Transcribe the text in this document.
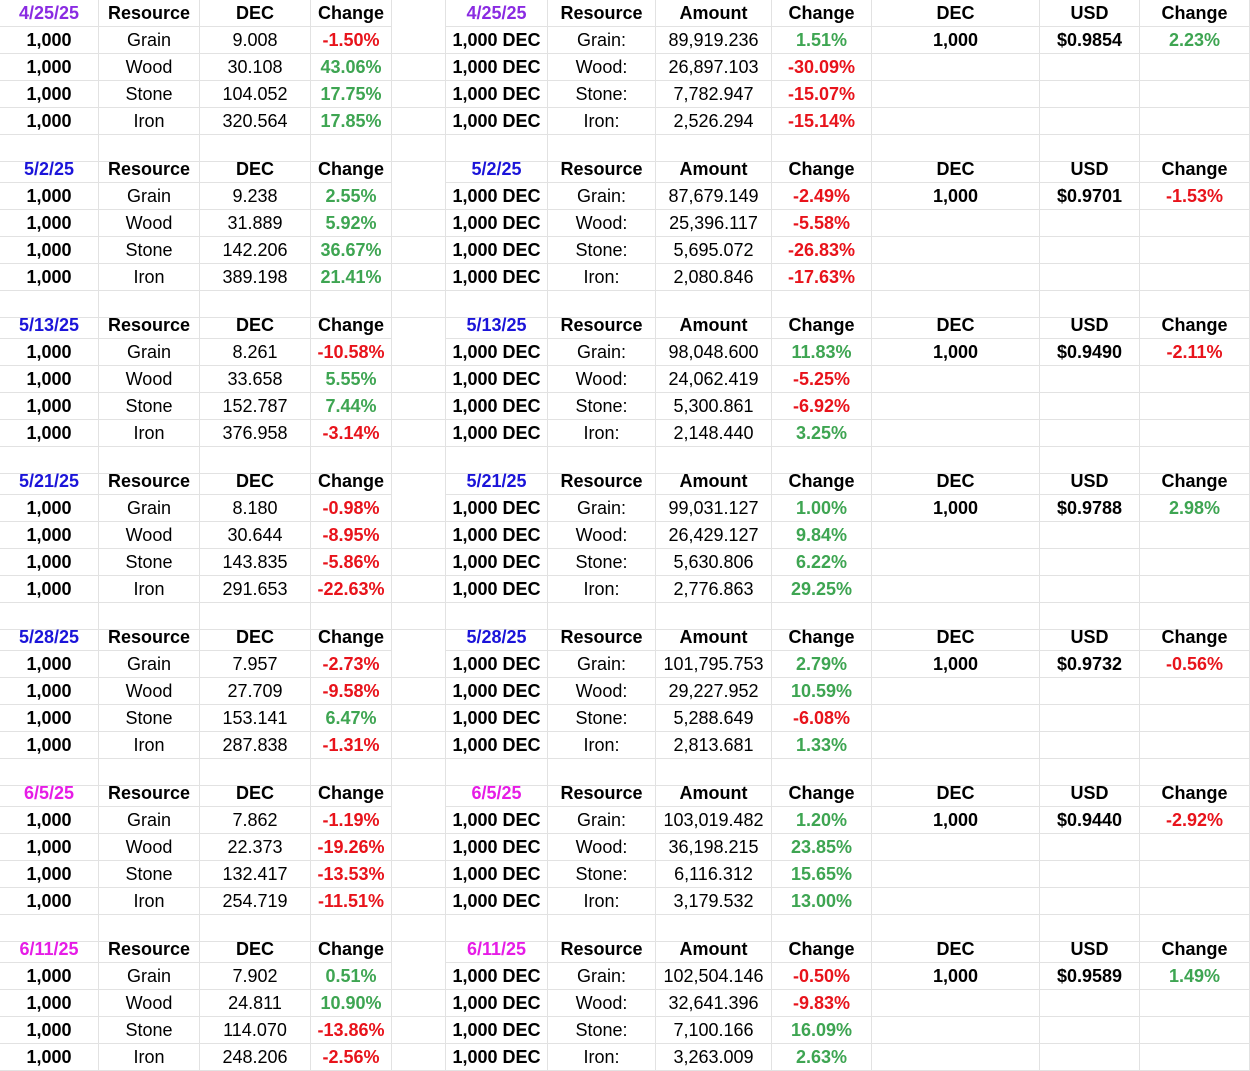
4/25/25	Resource	DEC	Change	4/25/25	Resource	Amount	Change	DEC	USD	Change
1,000	Grain	9.008	-1.50%	1,000 DEC	Grain:	89,919.236	1.51%	1,000	$0.9854	2.23%
1,000	Wood	30.108	43.06%	1,000 DEC	Wood:	26,897.103	-30.09%
1,000	Stone	104.052	17.75%	1,000 DEC	Stone:	7,782.947	-15.07%
1,000	Iron	320.564	17.85%	1,000 DEC	Iron:	2,526.294	-15.14%
5/2/25	Resource	DEC	Change	5/2/25	Resource	Amount	Change	DEC	USD	Change
1,000	Grain	9.238	2.55%	1,000 DEC	Grain:	87,679.149	-2.49%	1,000	$0.9701	-1.53%
1,000	Wood	31.889	5.92%	1,000 DEC	Wood:	25,396.117	-5.58%
1,000	Stone	142.206	36.67%	1,000 DEC	Stone:	5,695.072	-26.83%
1,000	Iron	389.198	21.41%	1,000 DEC	Iron:	2,080.846	-17.63%
5/13/25	Resource	DEC	Change	5/13/25	Resource	Amount	Change	DEC	USD	Change
1,000	Grain	8.261	-10.58%	1,000 DEC	Grain:	98,048.600	11.83%	1,000	$0.9490	-2.11%
1,000	Wood	33.658	5.55%	1,000 DEC	Wood:	24,062.419	-5.25%
1,000	Stone	152.787	7.44%	1,000 DEC	Stone:	5,300.861	-6.92%
1,000	Iron	376.958	-3.14%	1,000 DEC	Iron:	2,148.440	3.25%
5/21/25	Resource	DEC	Change	5/21/25	Resource	Amount	Change	DEC	USD	Change
1,000	Grain	8.180	-0.98%	1,000 DEC	Grain:	99,031.127	1.00%	1,000	$0.9788	2.98%
1,000	Wood	30.644	-8.95%	1,000 DEC	Wood:	26,429.127	9.84%
1,000	Stone	143.835	-5.86%	1,000 DEC	Stone:	5,630.806	6.22%
1,000	Iron	291.653	-22.63%	1,000 DEC	Iron:	2,776.863	29.25%
5/28/25	Resource	DEC	Change	5/28/25	Resource	Amount	Change	DEC	USD	Change
1,000	Grain	7.957	-2.73%	1,000 DEC	Grain:	101,795.753	2.79%	1,000	$0.9732	-0.56%
1,000	Wood	27.709	-9.58%	1,000 DEC	Wood:	29,227.952	10.59%
1,000	Stone	153.141	6.47%	1,000 DEC	Stone:	5,288.649	-6.08%
1,000	Iron	287.838	-1.31%	1,000 DEC	Iron:	2,813.681	1.33%
6/5/25	Resource	DEC	Change	6/5/25	Resource	Amount	Change	DEC	USD	Change
1,000	Grain	7.862	-1.19%	1,000 DEC	Grain:	103,019.482	1.20%	1,000	$0.9440	-2.92%
1,000	Wood	22.373	-19.26%	1,000 DEC	Wood:	36,198.215	23.85%
1,000	Stone	132.417	-13.53%	1,000 DEC	Stone:	6,116.312	15.65%
1,000	Iron	254.719	-11.51%	1,000 DEC	Iron:	3,179.532	13.00%
6/11/25	Resource	DEC	Change	6/11/25	Resource	Amount	Change	DEC	USD	Change
1,000	Grain	7.902	0.51%	1,000 DEC	Grain:	102,504.146	-0.50%	1,000	$0.9589	1.49%
1,000	Wood	24.811	10.90%	1,000 DEC	Wood:	32,641.396	-9.83%
1,000	Stone	114.070	-13.86%	1,000 DEC	Stone:	7,100.166	16.09%
1,000	Iron	248.206	-2.56%	1,000 DEC	Iron:	3,263.009	2.63%
